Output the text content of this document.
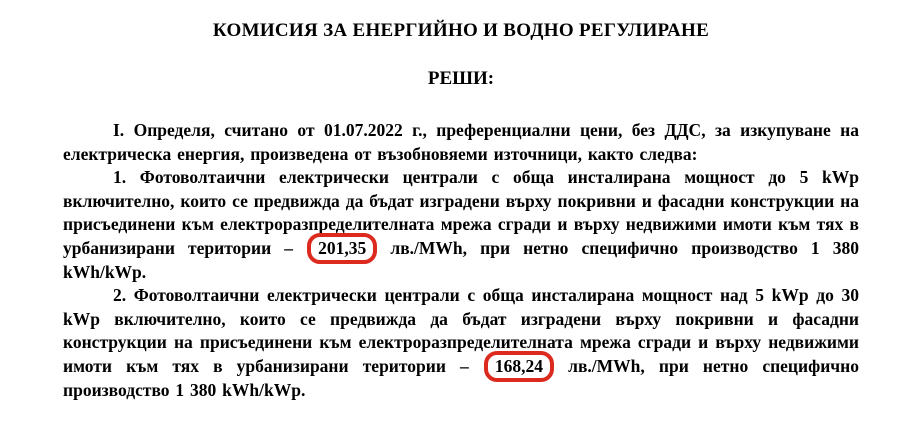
КОМИСИЯ ЗА ЕНЕРГИЙНО И ВОДНО РЕГУЛИРАНЕ
РЕШИ:

I. Определя, считано от 01.07.2022 г., преференциални цени, без ДДС, за изкупуване на електрическа енергия, произведена от възобновяеми източници, както следва:

1. Фотоволтаични електрически централи с обща инсталирана мощност до 5 kWp включително, които се предвижда да бъдат изградени върху покривни и фасадни конструкции на присъединени към електроразпределителната мрежа сгради и върху недвижими имоти към тях в урбанизирани територии – 201,35 лв./MWh, при нетно специфично производство 1 380 kWh/kWp.

2. Фотоволтаични електрически централи с обща инсталирана мощност над 5 kWp до 30 kWp включително, които се предвижда да бъдат изградени върху покривни и фасадни конструкции на присъединени към електроразпределителната мрежа сгради и върху недвижими имоти към тях в урбанизирани територии – 168,24 лв./MWh, при нетно специфично производство 1 380 kWh/kWp.
